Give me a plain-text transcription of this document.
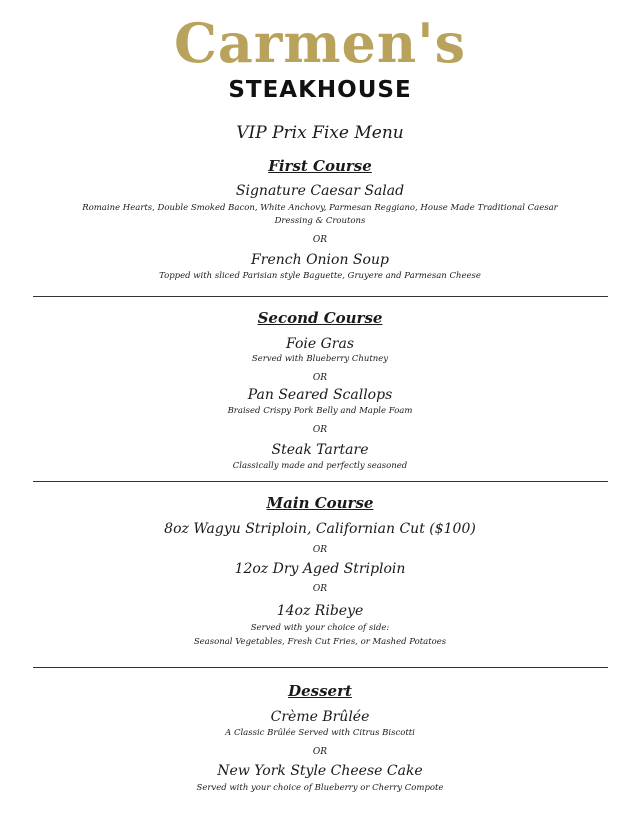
Carmen's
STEAKHOUSE
VIP Prix Fixe Menu
First Course
Signature Caesar Salad
Romaine Hearts, Double Smoked Bacon, White Anchovy, Parmesan Reggiano, House Made Traditional Caesar
Dressing & Croutons
OR
French Onion Soup
Topped with sliced Parisian style Baguette, Gruyere and Parmesan Cheese
Second Course
Foie Gras
Served with Blueberry Chutney
OR
Pan Seared Scallops
Braised Crispy Pork Belly and Maple Foam
OR
Steak Tartare
Classically made and perfectly seasoned
Main Course
8oz Wagyu Striploin, Californian Cut ($100)
OR
12oz Dry Aged Striploin
OR
14oz Ribeye
Served with your choice of side:
Seasonal Vegetables, Fresh Cut Fries, or Mashed Potatoes
Dessert
Crème Brûlée
A Classic Brûlée Served with Citrus Biscotti
OR
New York Style Cheese Cake
Served with your choice of Blueberry or Cherry Compote
